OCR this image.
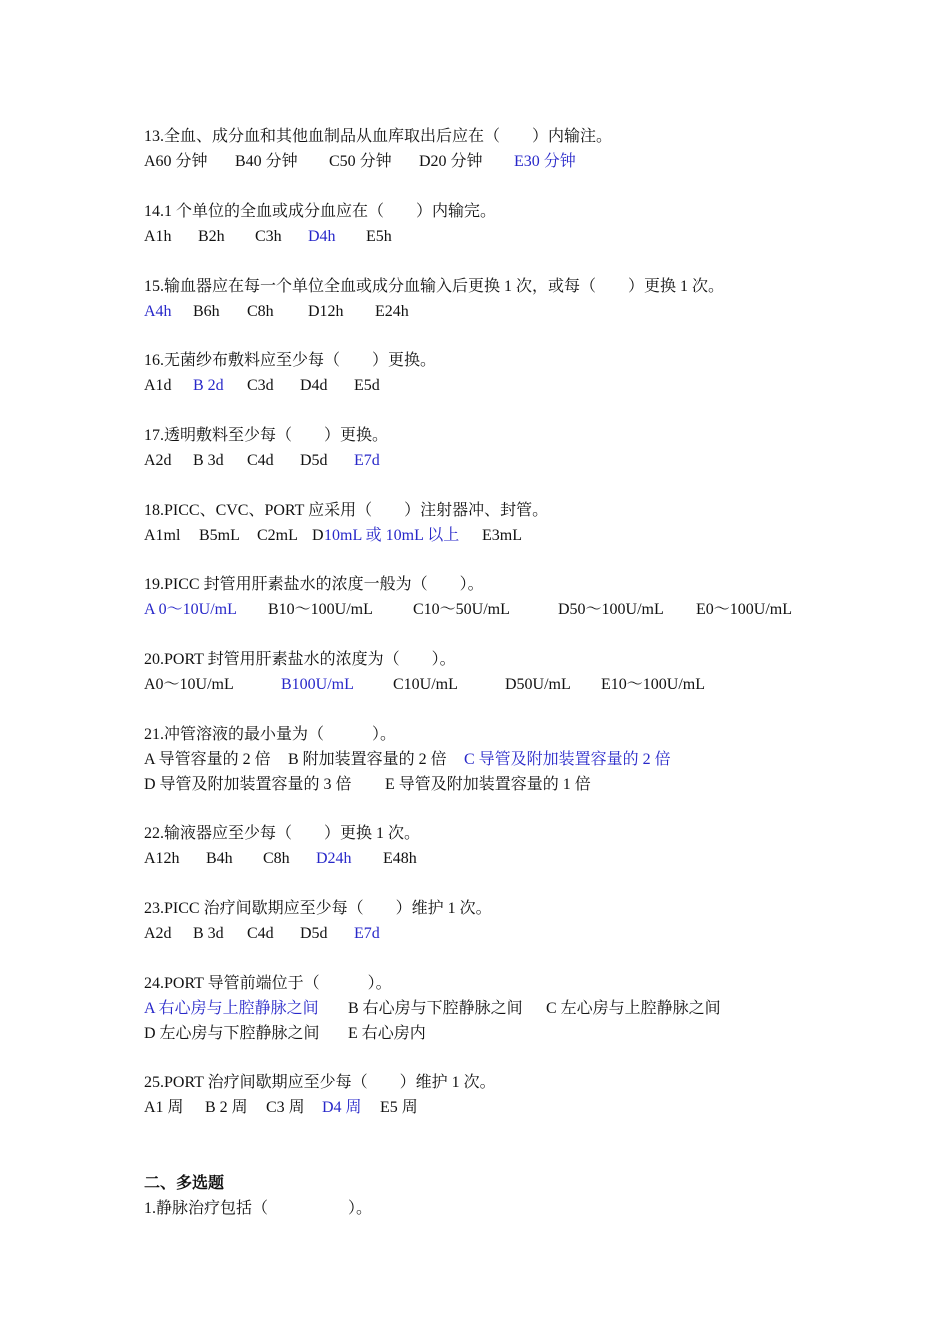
13.全血、成分血和其他血制品从血库取出后应在（　　）内输注。
A60 分钟 B40 分钟 C50 分钟 D20 分钟 E30 分钟
14.1 个单位的全血或成分血应在（　　）内输完。
A1h B2h C3h D4h E5h
15.输血器应在每一个单位全血或成分血输入后更换 1 次，或每（　　）更换 1 次。
A4h B6h C8h D12h E24h
16.无菌纱布敷料应至少每（　　）更换。
A1d B 2d C3d D4d E5d
17.透明敷料至少每（　　）更换。
A2d B 3d C4d D5d E7d
18.PICC、CVC、PORT 应采用（　　）注射器冲、封管。
A1ml B5mL C2mL D 10mL 或 10mL 以上 E3mL
19.PICC 封管用肝素盐水的浓度一般为（　　）。
A 0～10U/mL B10～100U/mL	C10～50U/mL	D50～100U/mL E0～100U/mL
20.PORT 封管用肝素盐水的浓度为（　　）。
A0～10U/mL	B100U/mL C10U/mL	D50U/mL E10～100U/mL
21.冲管溶液的最小量为（　　　）。
A 导管容量的 2 倍 B 附加装置容量的 2 倍 C 导管及附加装置容量的 2 倍
D 导管及附加装置容量的 3 倍 E 导管及附加装置容量的 1 倍
22.输液器应至少每（　　）更换 1 次。
A12h B4h C8h D24h E48h
23.PICC 治疗间歇期应至少每（　　）维护 1 次。
A2d B 3d C4d D5d E7d
24.PORT 导管前端位于（　　　）。
A 右心房与上腔静脉之间 B 右心房与下腔静脉之间 C 左心房与上腔静脉之间
D 左心房与下腔静脉之间 E 右心房内
25.PORT 治疗间歇期应至少每（　　）维护 1 次。
A1 周 B 2 周 C3 周 D4 周 E5 周
二、多选题
1.静脉治疗包括（　　　　　）。
